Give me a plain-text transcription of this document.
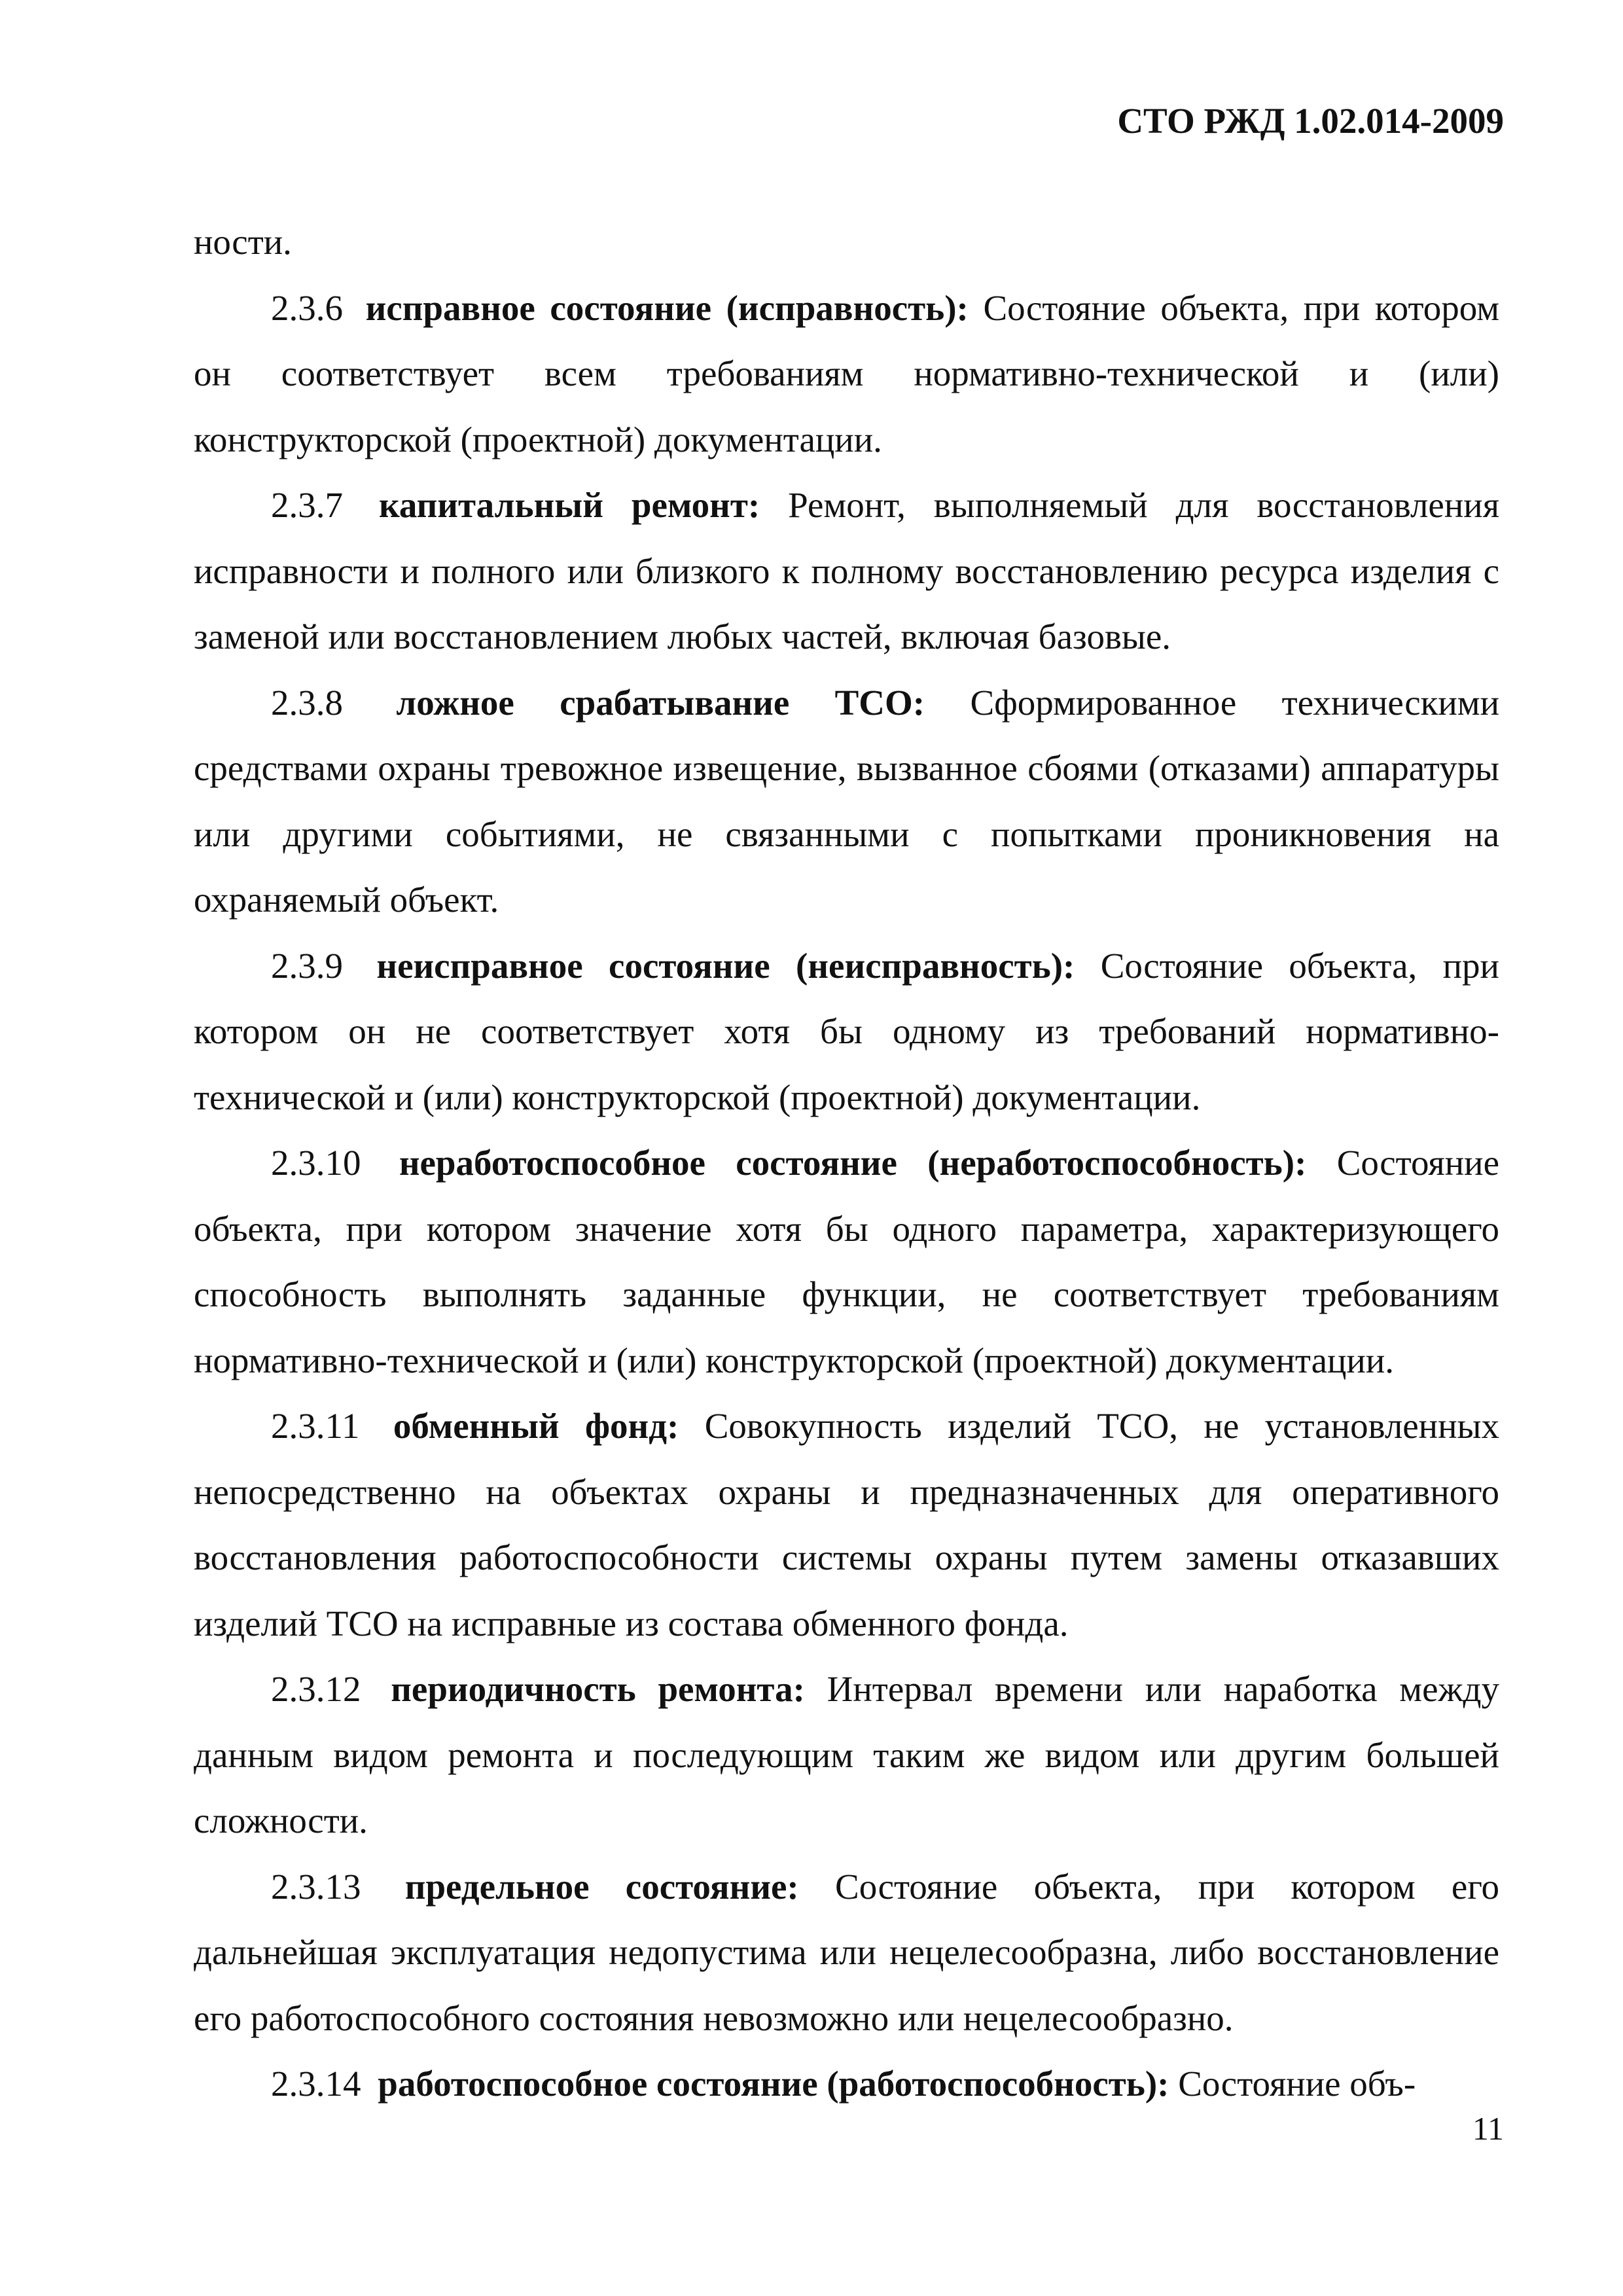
СТО РЖД 1.02.014-2009

ности.

2.3.6 исправное состояние (исправность): Состояние объекта, при котором он соответствует всем требованиям нормативно-технической и (или) конструкторской (проектной) документации.

2.3.7 капитальный ремонт: Ремонт, выполняемый для восстановления исправности и полного или близкого к полному восстановлению ресурса изделия с заменой или восстановлением любых частей, включая базовые.

2.3.8 ложное срабатывание ТСО: Сформированное техническими средствами охраны тревожное извещение, вызванное сбоями (отказами) аппаратуры или другими событиями, не связанными с попытками проникновения на охраняемый объект.

2.3.9 неисправное состояние (неисправность): Состояние объекта, при котором он не соответствует хотя бы одному из требований нормативно-технической и (или) конструкторской (проектной) документации.

2.3.10 неработоспособное состояние (неработоспособность): Состояние объекта, при котором значение хотя бы одного параметра, характеризующего способность выполнять заданные функции, не соответствует требованиям нормативно-технической и (или) конструкторской (проектной) документации.

2.3.11 обменный фонд: Совокупность изделий ТСО, не установленных непосредственно на объектах охраны и предназначенных для оперативного восстановления работоспособности системы охраны путем замены отказавших изделий ТСО на исправные из состава обменного фонда.

2.3.12 периодичность ремонта: Интервал времени или наработка между данным видом ремонта и последующим таким же видом или другим большей сложности.

2.3.13 предельное состояние: Состояние объекта, при котором его дальнейшая эксплуатация недопустима или нецелесообразна, либо восстановление его работоспособного состояния невозможно или нецелесообразно.

2.3.14 работоспособное состояние (работоспособность): Состояние объ-

11
